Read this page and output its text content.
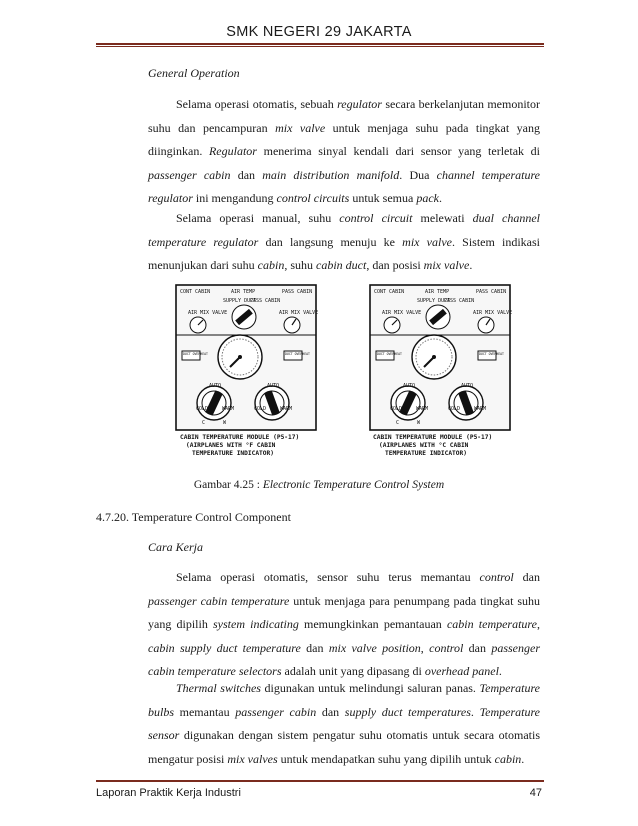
SMK NEGERI 29 JAKARTA

General Operation

Selama operasi otomatis, sebuah regulator secara berkelanjutan memonitor suhu dan pencampuran mix valve untuk menjaga suhu pada tingkat yang diinginkan. Regulator menerima sinyal kendali dari sensor yang terletak di passenger cabin dan main distribution manifold. Dua channel temperature regulator ini mengandung control circuits untuk semua pack.

Selama operasi manual, suhu control circuit melewati dual channel temperature regulator dan langsung menuju ke mix valve. Sistem indikasi menunjukan dari suhu cabin, suhu cabin duct, dan posisi mix valve.

CABIN TEMPERATURE MODULE (P5-17)
(AIRPLANES WITH °F CABIN
TEMPERATURE INDICATOR)
CABIN TEMPERATURE MODULE (P5-17)
(AIRPLANES WITH °C CABIN
TEMPERATURE INDICATOR)
Gambar 4.25 : Electronic Temperature Control System

4.7.20. Temperature Control Component

Cara Kerja

Selama operasi otomatis, sensor suhu terus memantau control dan passenger cabin temperature untuk menjaga para penumpang pada tingkat suhu yang dipilih system indicating memungkinkan pemantauan cabin temperature, cabin supply duct temperature dan mix valve position, control dan passenger cabin temperature selectors adalah unit yang dipasang di overhead panel.

Thermal switches digunakan untuk melindungi saluran panas. Temperature bulbs memantau passenger cabin dan supply duct temperatures. Temperature sensor digunakan dengan sistem pengatur suhu otomatis untuk secara otomatis mengatur posisi mix valves untuk mendapatkan suhu yang dipilih untuk cabin.

Laporan Praktik Kerja Industri	47
